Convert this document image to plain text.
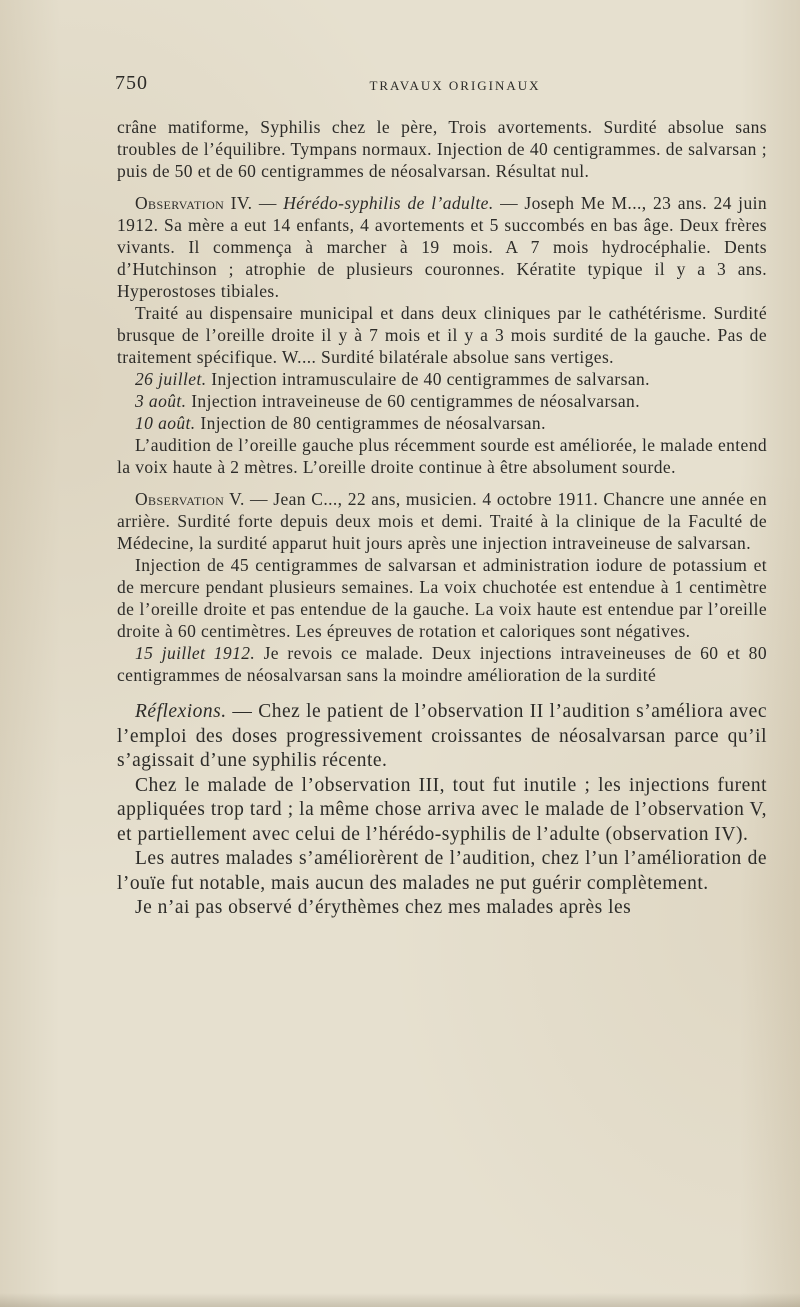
750	TRAVAUX ORIGINAUX

crâne matiforme, Syphilis chez le père, Trois avortements. Surdité absolue sans troubles de l’équilibre. Tympans normaux. Injection de 40 centigrammes. de salvarsan ; puis de 50 et de 60 centigrammes de néosalvarsan. Résultat nul.

Observation IV. — Hérédo-syphilis de l’adulte. — Joseph Me M..., 23 ans. 24 juin 1912. Sa mère a eut 14 enfants, 4 avortements et 5 succombés en bas âge. Deux frères vivants. Il commença à marcher à 19 mois. A 7 mois hydrocéphalie. Dents d’Hutchinson ; atrophie de plusieurs couronnes. Kératite typique il y a 3 ans. Hyperostoses tibiales.

Traité au dispensaire municipal et dans deux cliniques par le cathétérisme. Surdité brusque de l’oreille droite il y à 7 mois et il y a 3 mois surdité de la gauche. Pas de traitement spécifique. W.... Surdité bilatérale absolue sans vertiges.

26 juillet. Injection intramusculaire de 40 centigrammes de salvarsan.

3 août. Injection intraveineuse de 60 centigrammes de néosalvarsan.

10 août. Injection de 80 centigrammes de néosalvarsan.

L’audition de l’oreille gauche plus récemment sourde est améliorée, le malade entend la voix haute à 2 mètres. L’oreille droite continue à être absolument sourde.

Observation V. — Jean C..., 22 ans, musicien. 4 octobre 1911. Chancre une année en arrière. Surdité forte depuis deux mois et demi. Traité à la clinique de la Faculté de Médecine, la surdité apparut huit jours après une injection intraveineuse de salvarsan.

Injection de 45 centigrammes de salvarsan et administration iodure de potassium et de mercure pendant plusieurs semaines. La voix chuchotée est entendue à 1 centimètre de l’oreille droite et pas entendue de la gauche. La voix haute est entendue par l’oreille droite à 60 centimètres. Les épreuves de rotation et caloriques sont négatives.

15 juillet 1912. Je revois ce malade. Deux injections intraveineuses de 60 et 80 centigrammes de néosalvarsan sans la moindre amélioration de la surdité

Réflexions. — Chez le patient de l’observation II l’audition s’améliora avec l’emploi des doses progressivement croissantes de néosalvarsan parce qu’il s’agissait d’une syphilis récente.

Chez le malade de l’observation III, tout fut inutile ; les injections furent appliquées trop tard ; la même chose arriva avec le malade de l’observation V, et partiellement avec celui de l’hérédo-syphilis de l’adulte (observation IV).

Les autres malades s’améliorèrent de l’audition, chez l’un l’amélioration de l’ouïe fut notable, mais aucun des malades ne put guérir complètement.

Je n’ai pas observé d’érythèmes chez mes malades après les
